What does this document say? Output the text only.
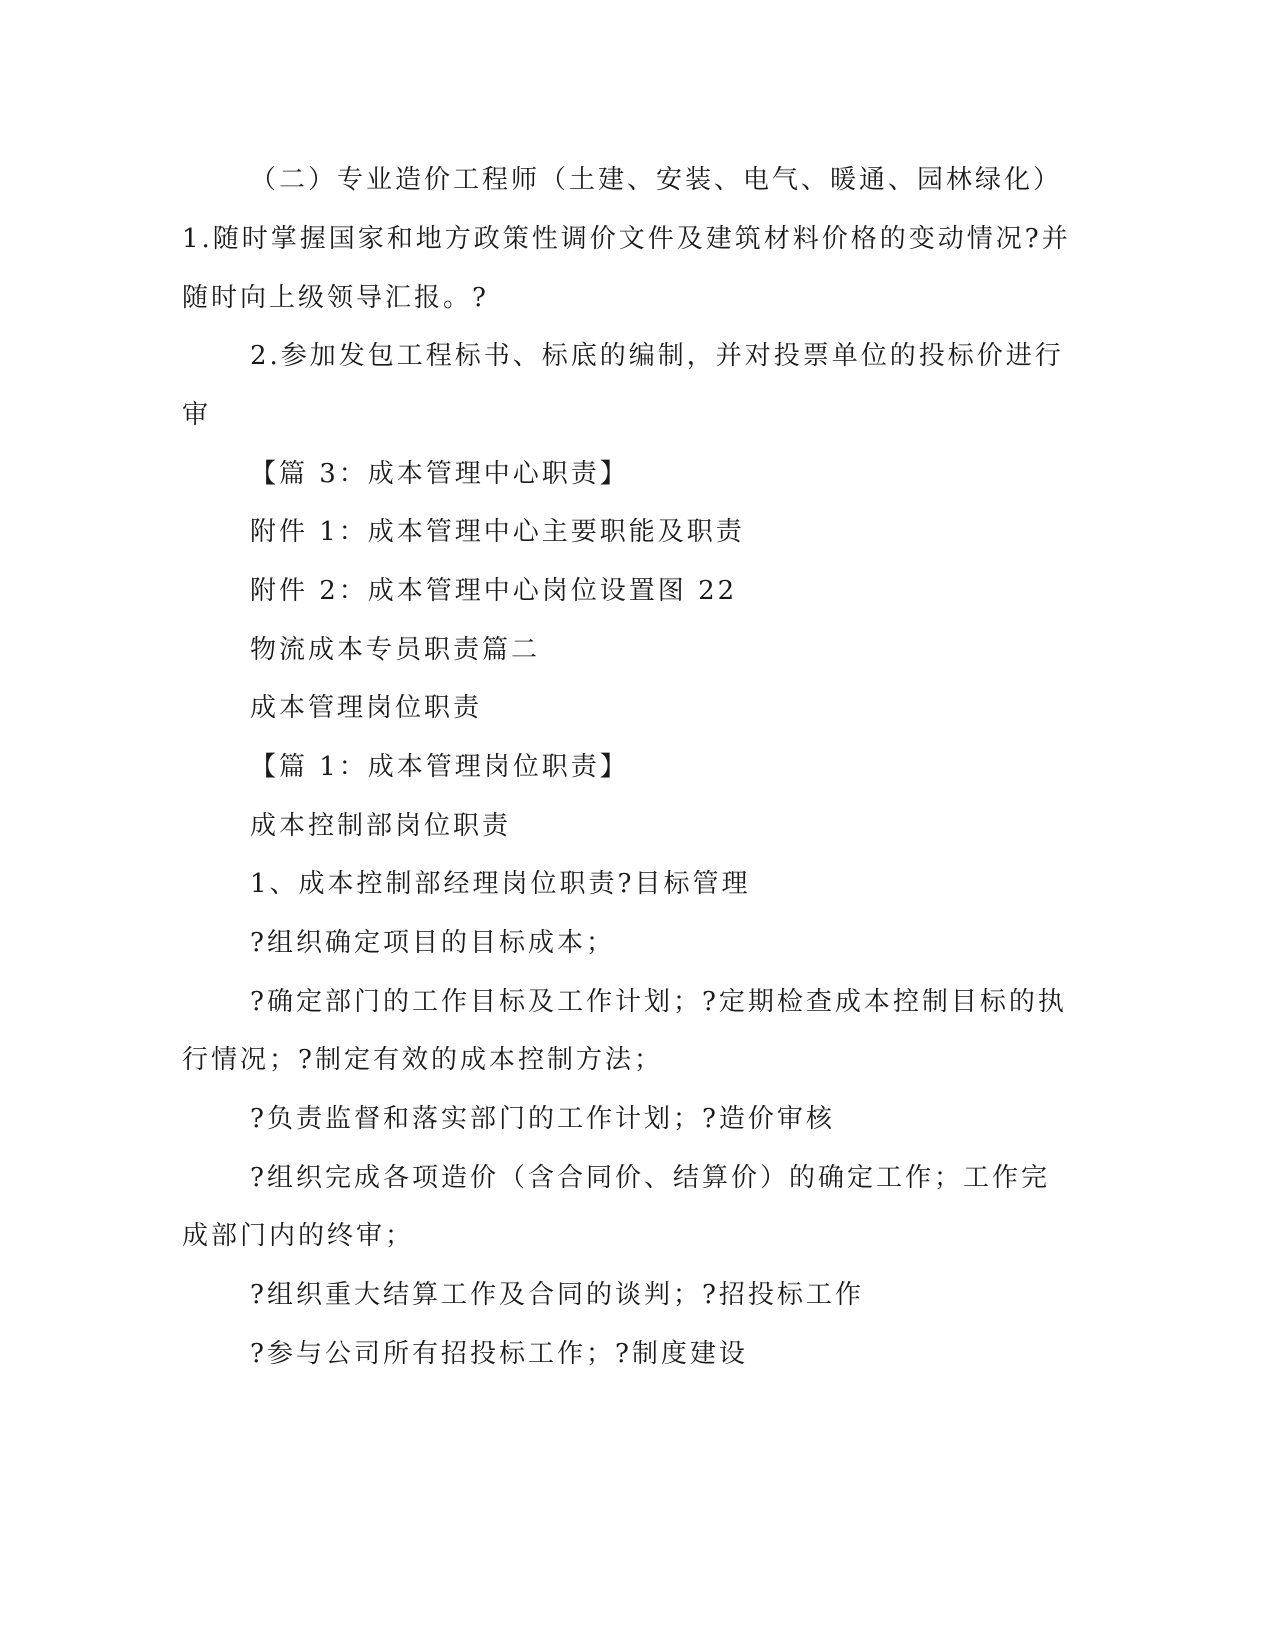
（二）专业造价工程师（土建、安装、电气、暖通、园林绿化）
1.随时掌握国家和地方政策性调价文件及建筑材料价格的变动情况?并
随时向上级领导汇报。?
2.参加发包工程标书、标底的编制，并对投票单位的投标价进行
审
【篇 3：成本管理中心职责】
附件 1：成本管理中心主要职能及职责
附件 2：成本管理中心岗位设置图 22
物流成本专员职责篇二
成本管理岗位职责
【篇 1：成本管理岗位职责】
成本控制部岗位职责
1、成本控制部经理岗位职责?目标管理
?组织确定项目的目标成本；
?确定部门的工作目标及工作计划；?定期检查成本控制目标的执
行情况；?制定有效的成本控制方法；
?负责监督和落实部门的工作计划；?造价审核
?组织完成各项造价（含合同价、结算价）的确定工作；工作完
成部门内的终审；
?组织重大结算工作及合同的谈判；?招投标工作
?参与公司所有招投标工作；?制度建设
